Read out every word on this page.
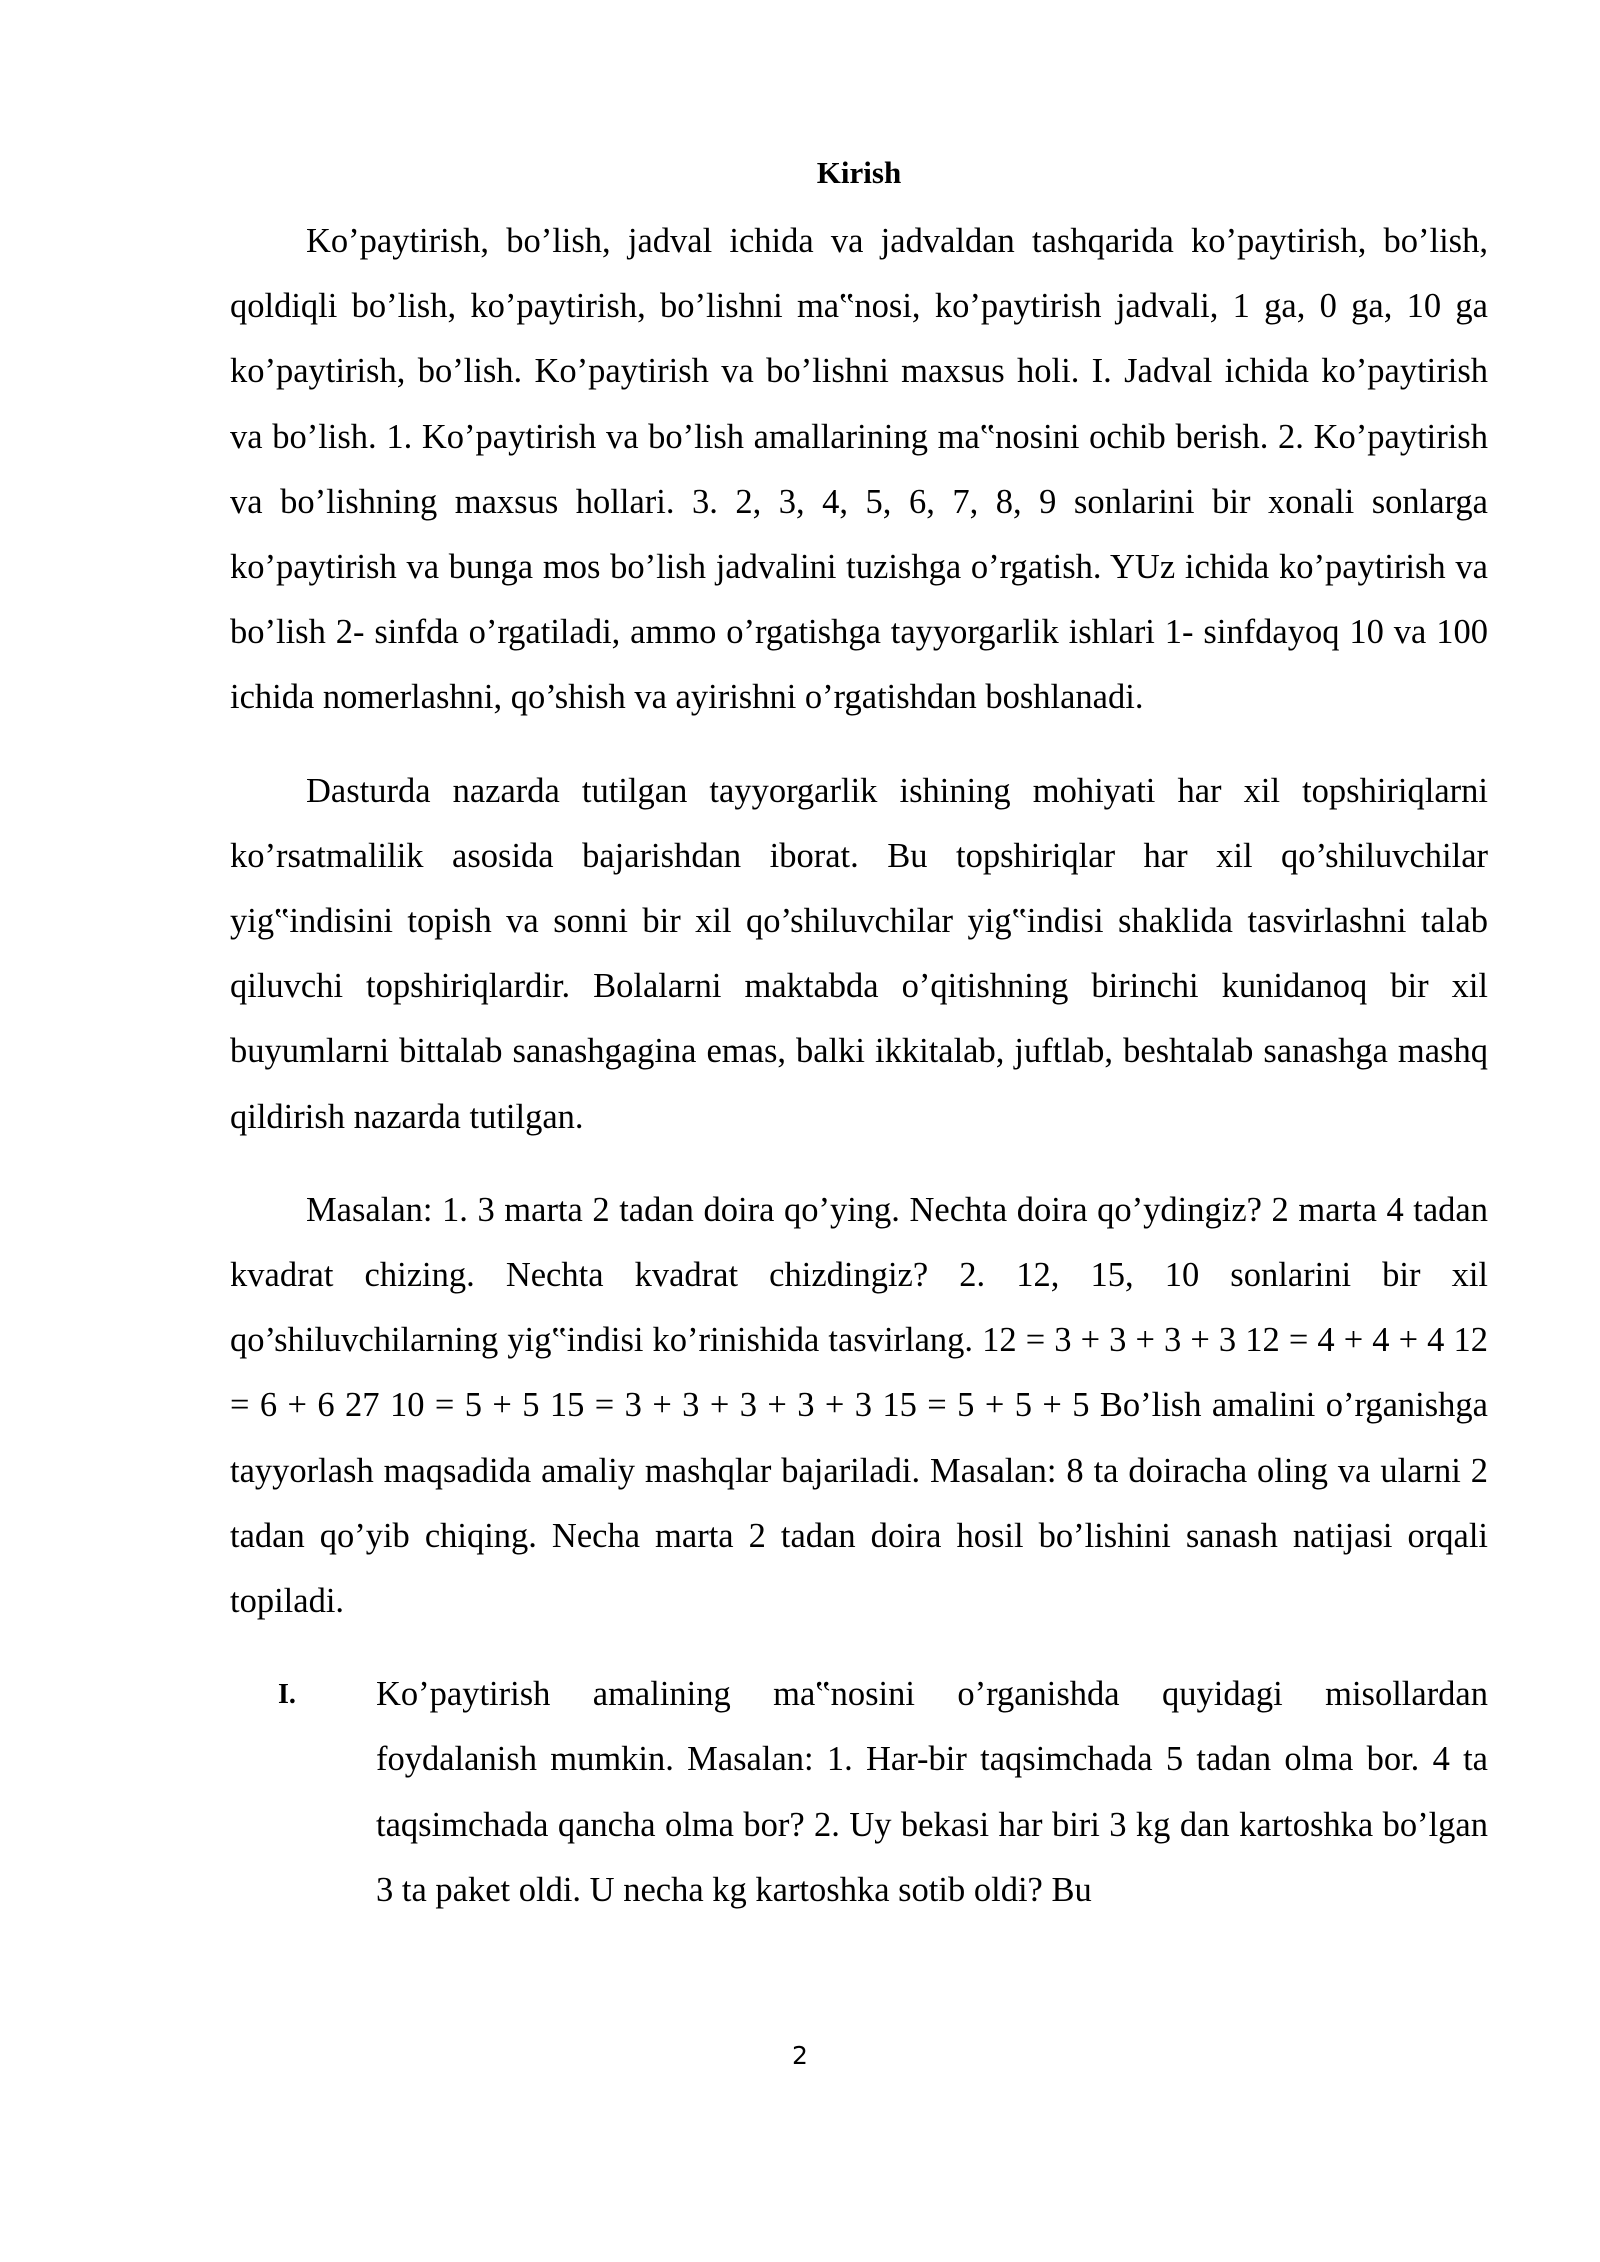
Kirish

Ko’paytirish, bo’lish, jadval ichida va jadvaldan tashqarida ko’paytirish, bo’lish, qoldiqli bo’lish, ko’paytirish, bo’lishni ma‟nosi, ko’paytirish jadvali, 1 ga, 0 ga, 10 ga ko’paytirish, bo’lish. Ko’paytirish va bo’lishni maxsus holi. I. Jadval ichida ko’paytirish va bo’lish. 1. Ko’paytirish va bo’lish amallarining ma‟nosini ochib berish. 2. Ko’paytirish va bo’lishning maxsus hollari. 3. 2, 3, 4, 5, 6, 7, 8, 9 sonlarini bir xonali sonlarga ko’paytirish va bunga mos bo’lish jadvalini tuzishga o’rgatish. YUz ichida ko’paytirish va bo’lish 2- sinfda o’rgatiladi, ammo o’rgatishga tayyorgarlik ishlari 1- sinfdayoq 10 va 100 ichida nomerlashni, qo’shish va ayirishni o’rgatishdan boshlanadi.

Dasturda nazarda tutilgan tayyorgarlik ishining mohiyati har xil topshiriqlarni ko’rsatmalilik asosida bajarishdan iborat. Bu topshiriqlar har xil qo’shiluvchilar yig‟indisini topish va sonni bir xil qo’shiluvchilar yig‟indisi shaklida tasvirlashni talab qiluvchi topshiriqlardir. Bolalarni maktabda o’qitishning birinchi kunidanoq bir xil buyumlarni bittalab sanashgagina emas, balki ikkitalab, juftlab, beshtalab sanashga mashq qildirish nazarda tutilgan.

Masalan: 1. 3 marta 2 tadan doira qo’ying. Nechta doira qo’ydingiz? 2 marta 4 tadan kvadrat chizing. Nechta kvadrat chizdingiz? 2. 12, 15, 10 sonlarini bir xil qo’shiluvchilarning yig‟indisi ko’rinishida tasvirlang. 12 = 3 + 3 + 3 + 3 12 = 4 + 4 + 4 12 = 6 + 6 27 10 = 5 + 5 15 = 3 + 3 + 3 + 3 + 3 15 = 5 + 5 + 5 Bo’lish amalini o’rganishga tayyorlash maqsadida amaliy mashqlar bajariladi. Masalan: 8 ta doiracha oling va ularni 2 tadan qo’yib chiqing. Necha marta 2 tadan doira hosil bo’lishini sanash natijasi orqali topiladi.

I. Ko’paytirish amalining ma‟nosini o’rganishda quyidagi misollardan foydalanish mumkin. Masalan: 1. Har-bir taqsimchada 5 tadan olma bor. 4 ta taqsimchada qancha olma bor? 2. Uy bekasi har biri 3 kg dan kartoshka bo’lgan 3 ta paket oldi. U necha kg kartoshka sotib oldi? Bu

2
